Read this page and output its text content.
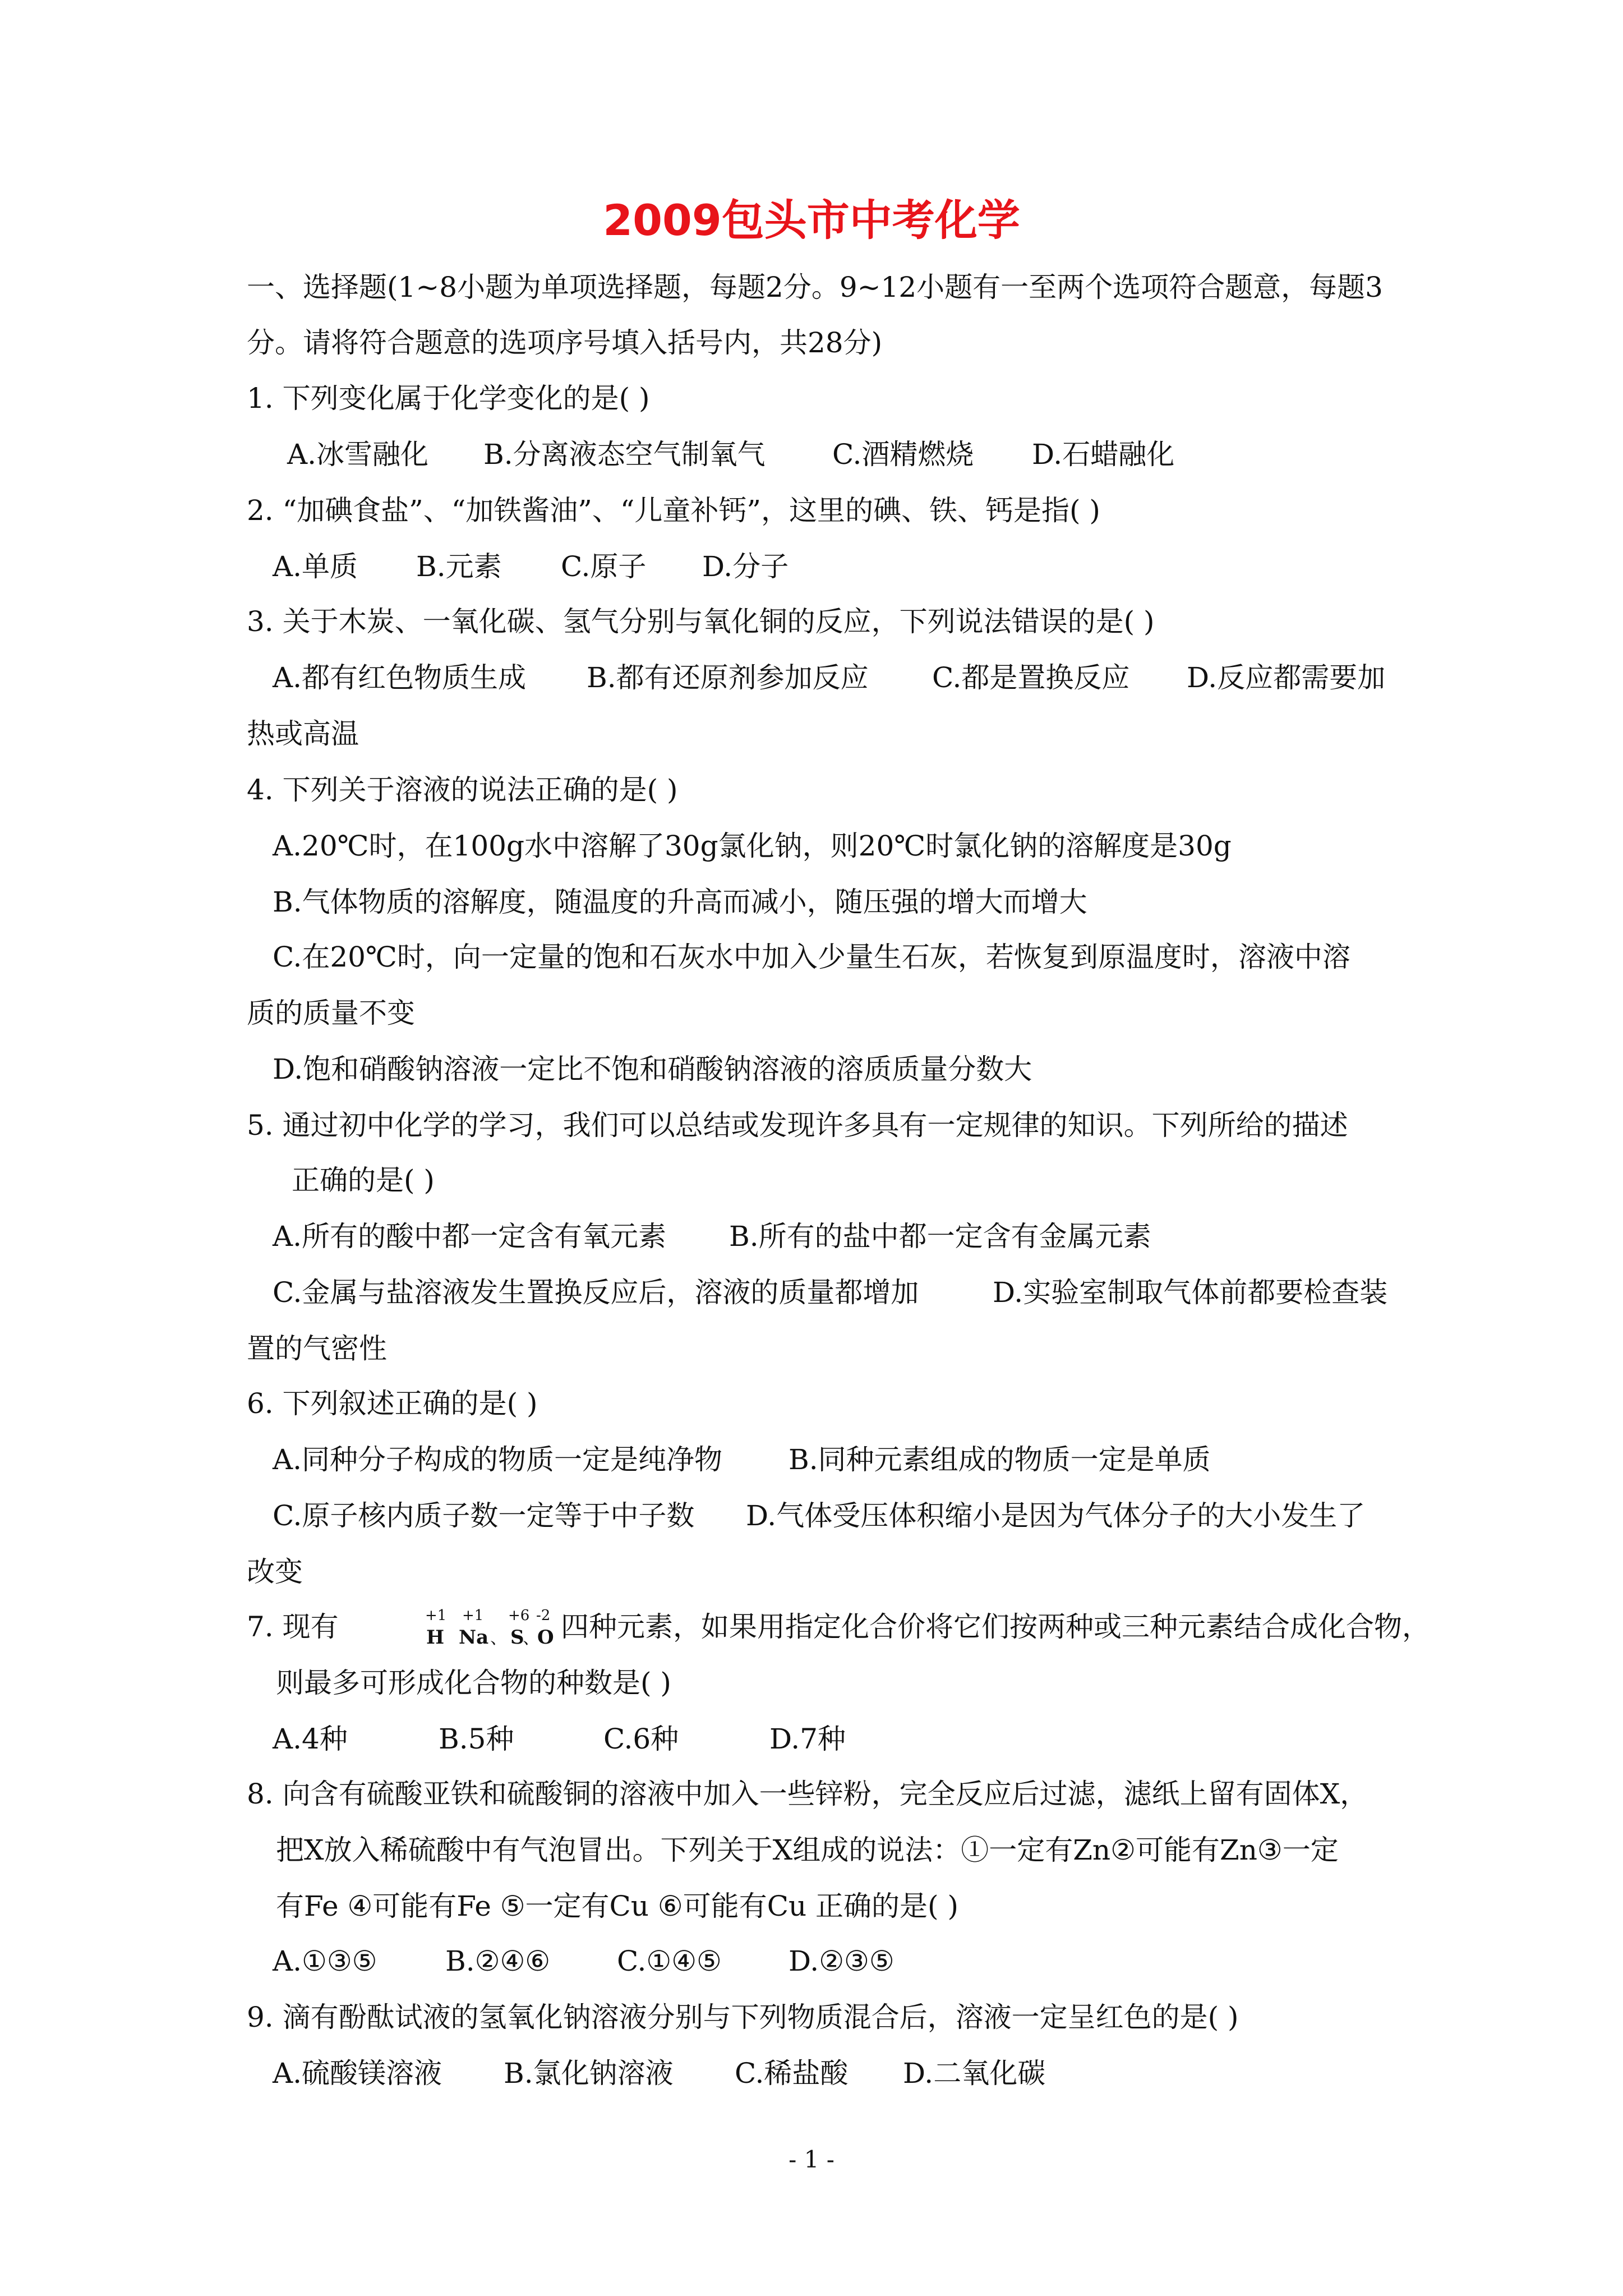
2009包头市中考化学
一、选择题(1~8小题为单项选择题，每题2分。9~12小题有一至两个选项符合题意，每题3
分。请将符合题意的选项序号填入括号内，共28分)
1. 下列变化属于化学变化的是( )
A.冰雪融化 B.分离液态空气制氧气 C.酒精燃烧 D.石蜡融化
2. “加碘食盐”、“加铁酱油”、“儿童补钙”，这里的碘、铁、钙是指( )
A.单质 B.元素 C.原子 D.分子
3. 关于木炭、一氧化碳、氢气分别与氧化铜的反应，下列说法错误的是( )
A.都有红色物质生成 B.都有还原剂参加反应 C.都是置换反应 D.反应都需要加
热或高温
4. 下列关于溶液的说法正确的是( )
A.20℃时，在100g水中溶解了30g氯化钠，则20℃时氯化钠的溶解度是30g
B.气体物质的溶解度，随温度的升高而减小，随压强的增大而增大
C.在20℃时，向一定量的饱和石灰水中加入少量生石灰，若恢复到原温度时，溶液中溶
质的质量不变
D.饱和硝酸钠溶液一定比不饱和硝酸钠溶液的溶质质量分数大
5. 通过初中化学的学习，我们可以总结或发现许多具有一定规律的知识。下列所给的描述
正确的是( )
A.所有的酸中都一定含有氧元素 B.所有的盐中都一定含有金属元素
C.金属与盐溶液发生置换反应后，溶液的质量都增加	D.实验室制取气体前都要检查装
置的气密性
6. 下列叙述正确的是( )
A.同种分子构成的物质一定是纯净物 B.同种元素组成的物质一定是单质
C.原子核内质子数一定等于中子数 D.气体受压体积缩小是因为气体分子的大小发生了
改变
7. 现有	+1
H
+1
Na 、
+6
S
、
-2
O 四种元素，如果用指定化合价将它们按两种或三种元素结合成化合物，
则最多可形成化合物的种数是( )
A.4种	B.5种	C.6种	D.7种
8. 向含有硫酸亚铁和硫酸铜的溶液中加入一些锌粉，完全反应后过滤，滤纸上留有固体X，
把X放入稀硫酸中有气泡冒出。下列关于X组成的说法：①一定有Zn②可能有Zn③一定
有Fe ④可能有Fe ⑤一定有Cu ⑥可能有Cu 正确的是( )
A.①③⑤ B.②④⑥ C.①④⑤ D.②③⑤
9. 滴有酚酞试液的氢氧化钠溶液分别与下列物质混合后，溶液一定呈红色的是( )
A.硫酸镁溶液 B.氯化钠溶液 C.稀盐酸 D.二氧化碳
- 1 -
